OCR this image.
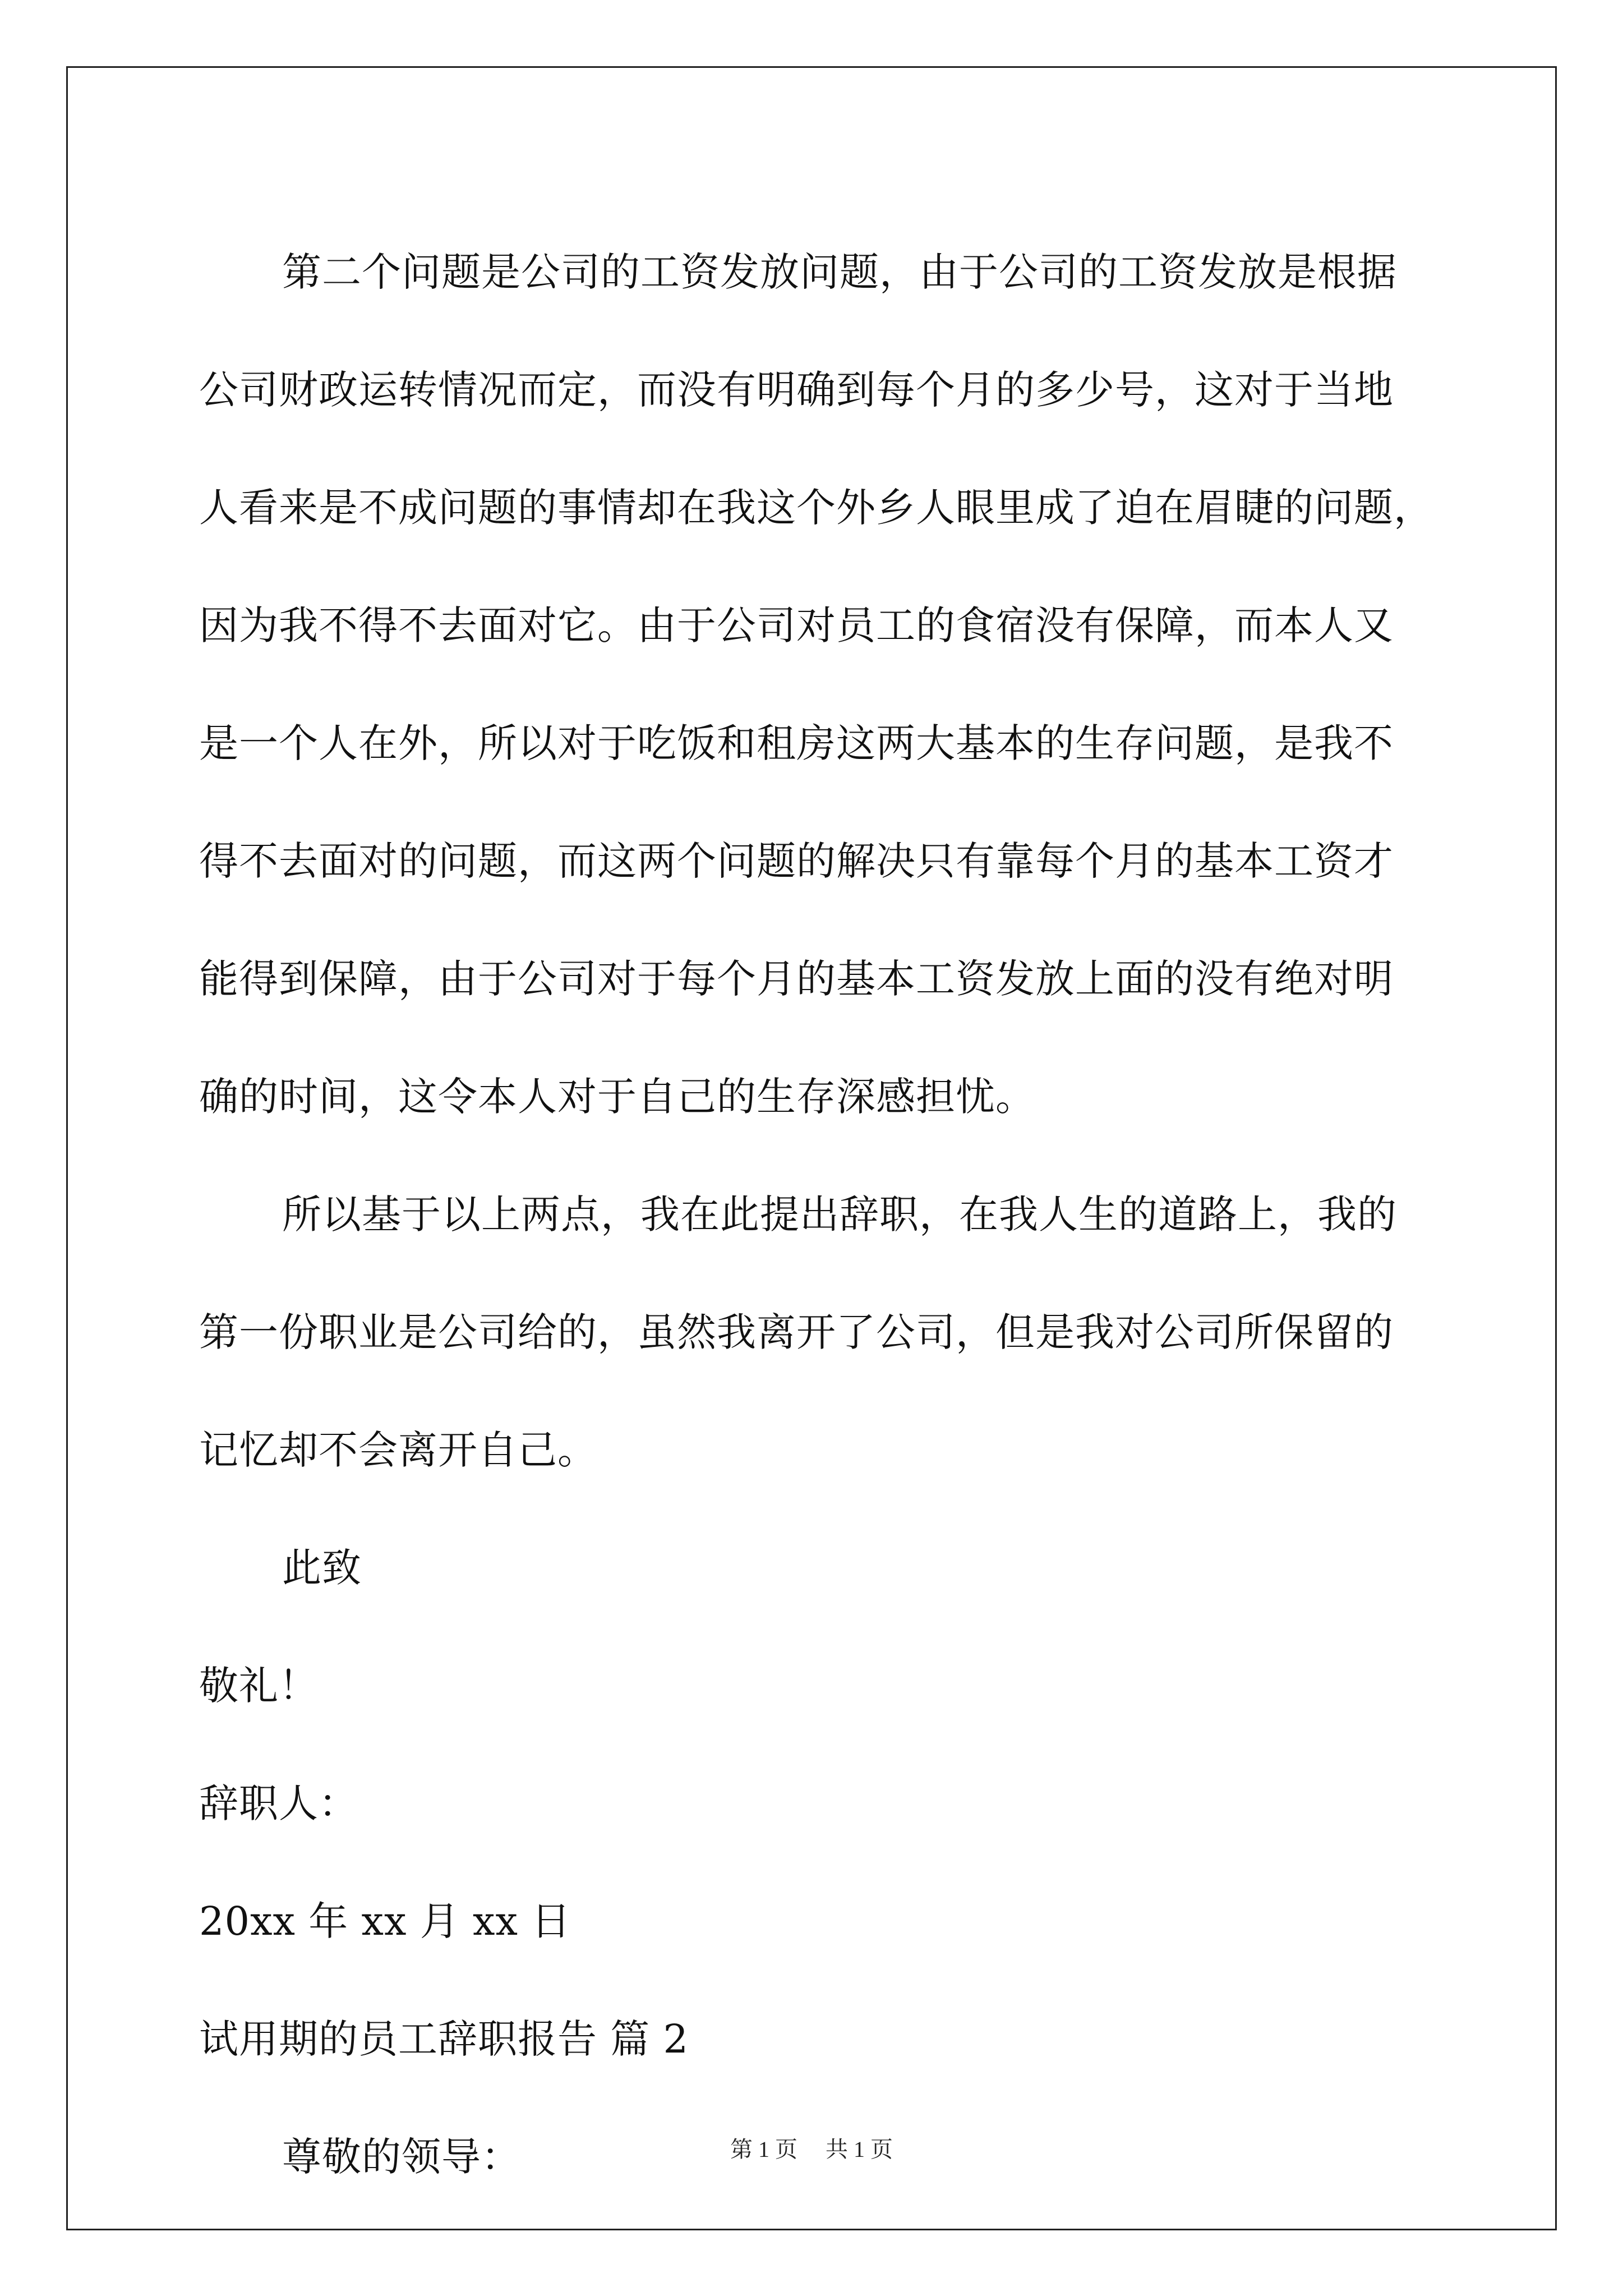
第二个问题是公司的工资发放问题，由于公司的工资发放是根据
公司财政运转情况而定，而没有明确到每个月的多少号，这对于当地
人看来是不成问题的事情却在我这个外乡人眼里成了迫在眉睫的问题，
因为我不得不去面对它。由于公司对员工的食宿没有保障，而本人又
是一个人在外，所以对于吃饭和租房这两大基本的生存问题，是我不
得不去面对的问题，而这两个问题的解决只有靠每个月的基本工资才
能得到保障，由于公司对于每个月的基本工资发放上面的没有绝对明
确的时间，这令本人对于自己的生存深感担忧。
所以基于以上两点，我在此提出辞职，在我人生的道路上，我的
第一份职业是公司给的，虽然我离开了公司，但是我对公司所保留的
记忆却不会离开自己。
此致
敬礼！
辞职人：
20xx 年 xx 月 xx 日
试用期的员工辞职报告 篇 2
尊敬的领导：	第 1 页 共 1 页
